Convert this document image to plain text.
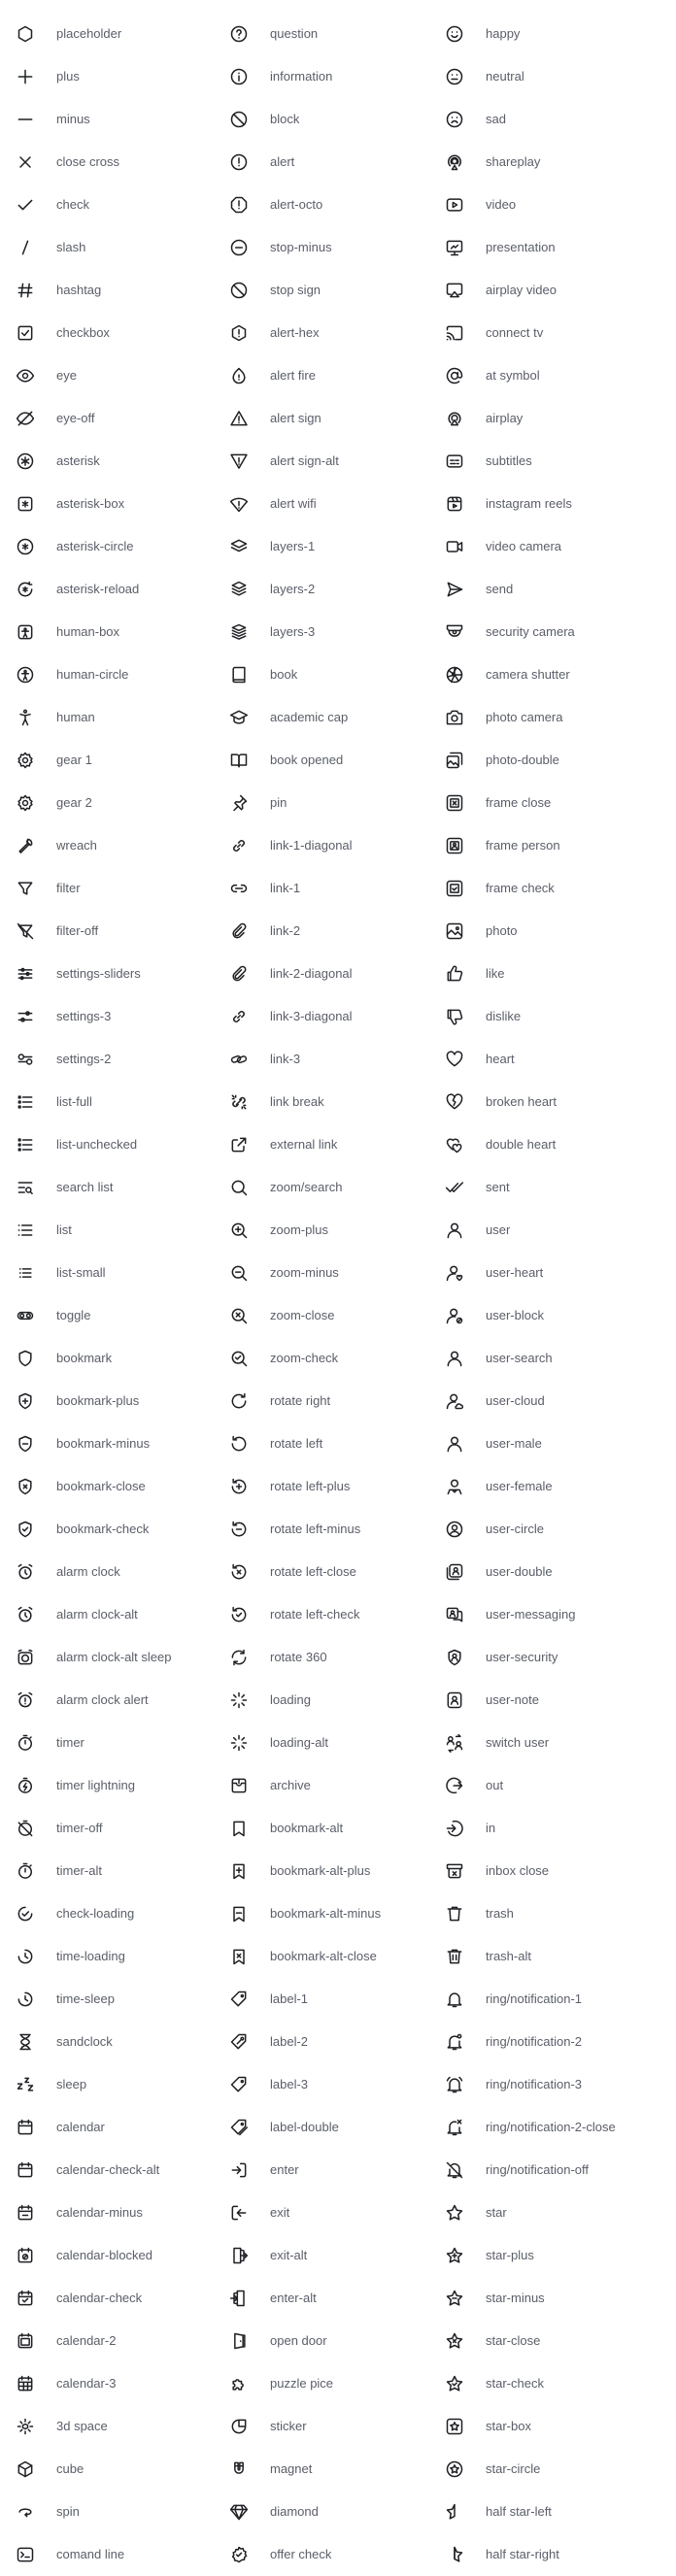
placeholder
plus
minus
close cross
check
slash
hashtag
checkbox
eye
eye-off
asterisk
asterisk-box
asterisk-circle
asterisk-reload
human-box
human-circle
human
gear 1
gear 2
wreach
filter
filter-off
settings-sliders
settings-3
settings-2
list-full
list-unchecked
search list
list
list-small
toggle
bookmark
bookmark-plus
bookmark-minus
bookmark-close
bookmark-check
alarm clock
alarm clock-alt
alarm clock-alt sleep
alarm clock alert
timer
timer lightning
timer-off
timer-alt
check-loading
time-loading
time-sleep
sandclock
sleep
calendar
calendar-check-alt
calendar-minus
calendar-blocked
calendar-check
calendar-2
calendar-3
3d space
cube
spin
comand line
question
information
block
alert
alert-octo
stop-minus
stop sign
alert-hex
alert fire
alert sign
alert sign-alt
alert wifi
layers-1
layers-2
layers-3
book
academic cap
book opened
pin
link-1-diagonal
link-1
link-2
link-2-diagonal
link-3-diagonal
link-3
link break
external link
zoom/search
zoom-plus
zoom-minus
zoom-close
zoom-check
rotate right
rotate left
rotate left-plus
rotate left-minus
rotate left-close
rotate left-check
rotate 360
loading
loading-alt
archive
bookmark-alt
bookmark-alt-plus
bookmark-alt-minus
bookmark-alt-close
label-1
label-2
label-3
label-double
enter
exit
exit-alt
enter-alt
open door
puzzle pice
sticker
magnet
diamond
offer check
happy
neutral
sad
shareplay
video
presentation
airplay video
connect tv
at symbol
airplay
subtitles
instagram reels
video camera
send
security camera
camera shutter
photo camera
photo-double
frame close
frame person
frame check
photo
like
dislike
heart
broken heart
double heart
sent
user
user-heart
user-block
user-search
user-cloud
user-male
user-female
user-circle
user-double
user-messaging
user-security
user-note
switch user
out
in
inbox close
trash
trash-alt
ring/notification-1
ring/notification-2
ring/notification-3
ring/notification-2-close
ring/notification-off
star
star-plus
star-minus
star-close
star-check
star-box
star-circle
half star-left
half star-right
